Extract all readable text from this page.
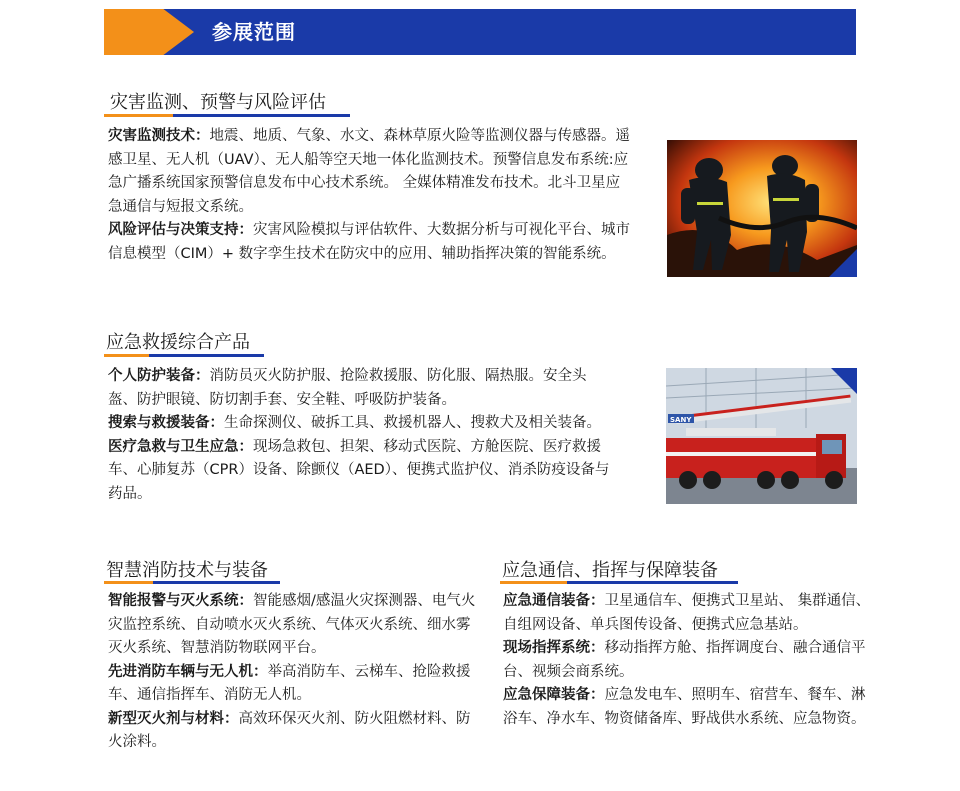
参展范围
灾害监测、预警与风险评估

灾害监测技术：地震、地质、气象、水文、森林草原火险等监测仪器与传感器。遥感卫星、无人机（UAV）、无人船等空天地一体化监测技术。预警信息发布系统:应急广播系统国家预警信息发布中心技术系统。 全媒体精准发布技术。北斗卫星应急通信与短报文系统。

风险评估与决策支持：灾害风险模拟与评估软件、大数据分析与可视化平台、城市信息模型（CIM）+ 数字孪生技术在防灾中的应用、辅助指挥决策的智能系统。

应急救援综合产品

个人防护装备：消防员灭火防护服、抢险救援服、防化服、隔热服。安全头盔、防护眼镜、防切割手套、安全鞋、呼吸防护装备。

搜索与救援装备：生命探测仪、破拆工具、救援机器人、搜救犬及相关装备。

医疗急救与卫生应急：现场急救包、担架、移动式医院、方舱医院、医疗救援车、心肺复苏（CPR）设备、除颤仪（AED）、便携式监护仪、消杀防疫设备与药品。

SANY
智慧消防技术与装备

智能报警与灭火系统：智能感烟/感温火灾探测器、电气火灾监控系统、自动喷水灭火系统、气体灭火系统、细水雾灭火系统、智慧消防物联网平台。

先进消防车辆与无人机：举高消防车、云梯车、抢险救援车、通信指挥车、消防无人机。

新型灭火剂与材料：高效环保灭火剂、防火阻燃材料、防火涂料。

应急通信、指挥与保障装备

应急通信装备：卫星通信车、便携式卫星站、 集群通信、自组网设备、单兵图传设备、便携式应急基站。

现场指挥系统：移动指挥方舱、指挥调度台、融合通信平台、视频会商系统。

应急保障装备：应急发电车、照明车、宿营车、餐车、淋浴车、净水车、物资储备库、野战供水系统、应急物资。
